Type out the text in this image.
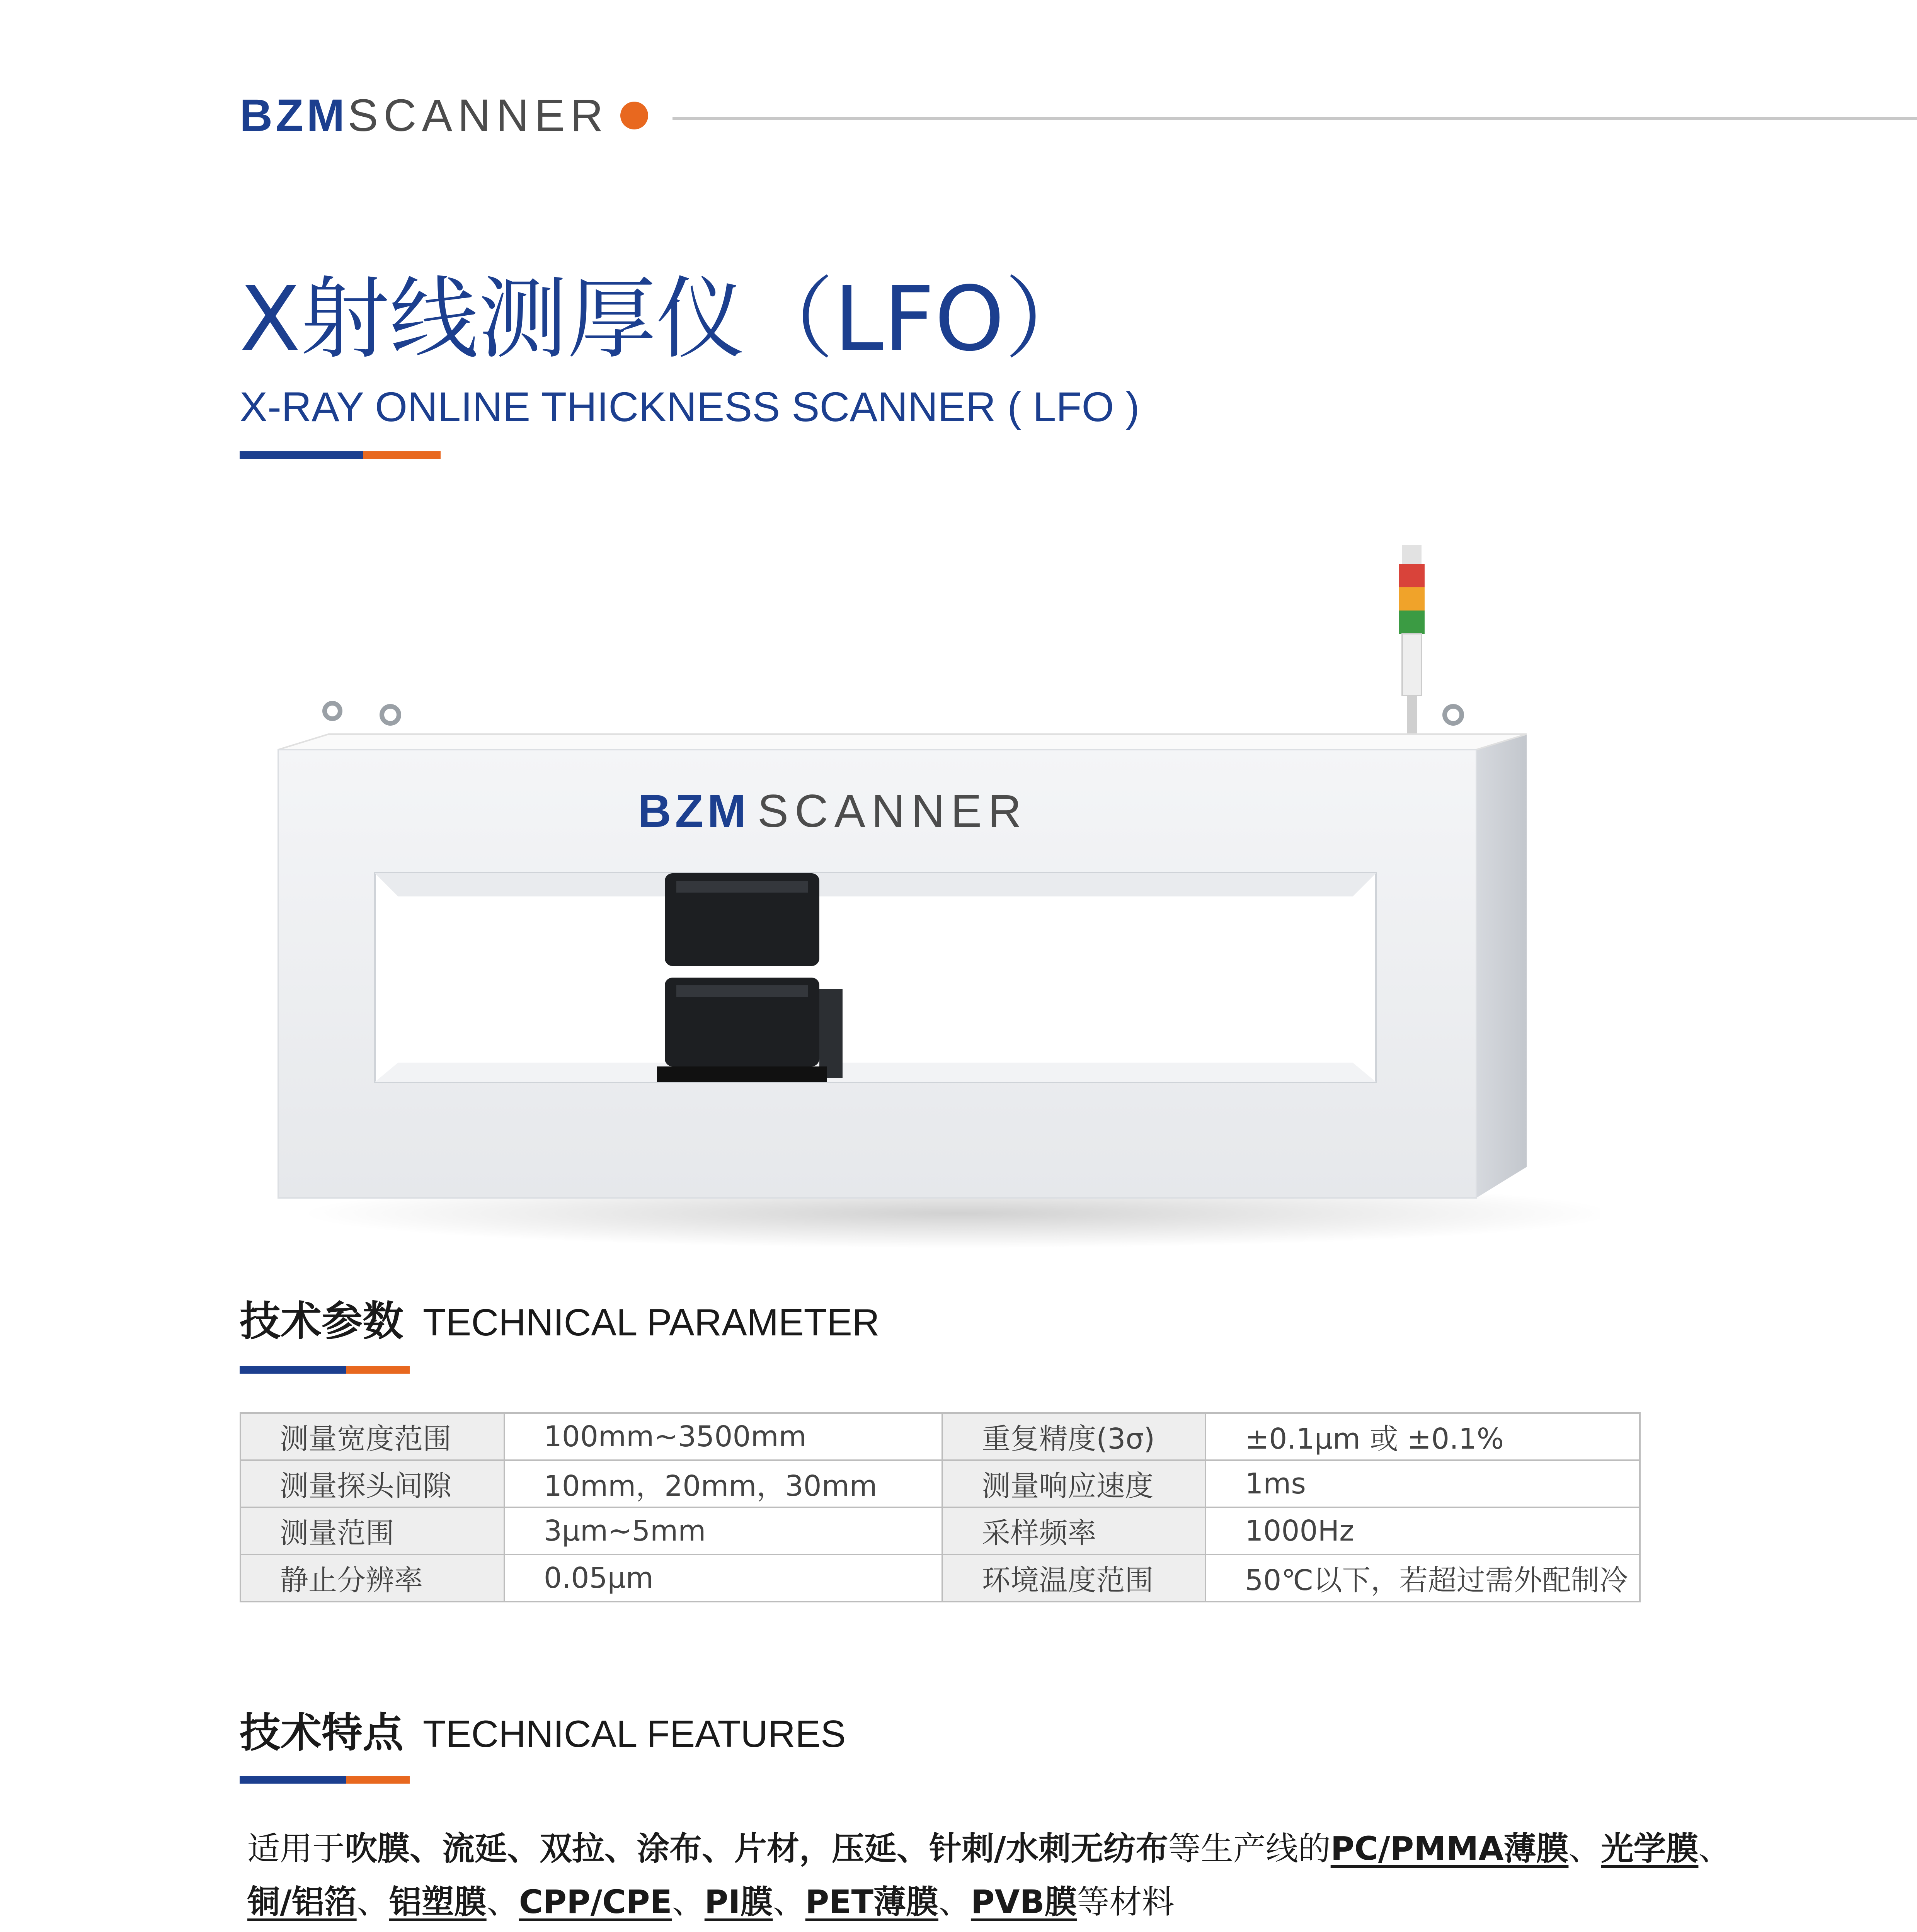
BZMSCANNER
X射线测厚仪（LFO）
X-RAY ONLINE THICKNESS SCANNER ( LFO )
BZM SCANNER
技术参数 TECHNICAL PARAMETER
测量宽度范围	100mm~3500mm	重复精度(3σ)	±0.1μm 或 ±0.1%
测量探头间隙	10mm，20mm，30mm	测量响应速度	1ms
测量范围	3μm~5mm	采样频率	1000Hz
静止分辨率	0.05μm	环境温度范围	50℃以下，若超过需外配制冷
技术特点 TECHNICAL FEATURES
适用于吹膜、流延、双拉、涂布、片材，压延、针刺/水刺无纺布等生产线的PC/PMMA薄膜、光学膜、铜/铝箔、铝塑膜、CPP/CPE、PI膜、PET薄膜、PVB膜等材料
